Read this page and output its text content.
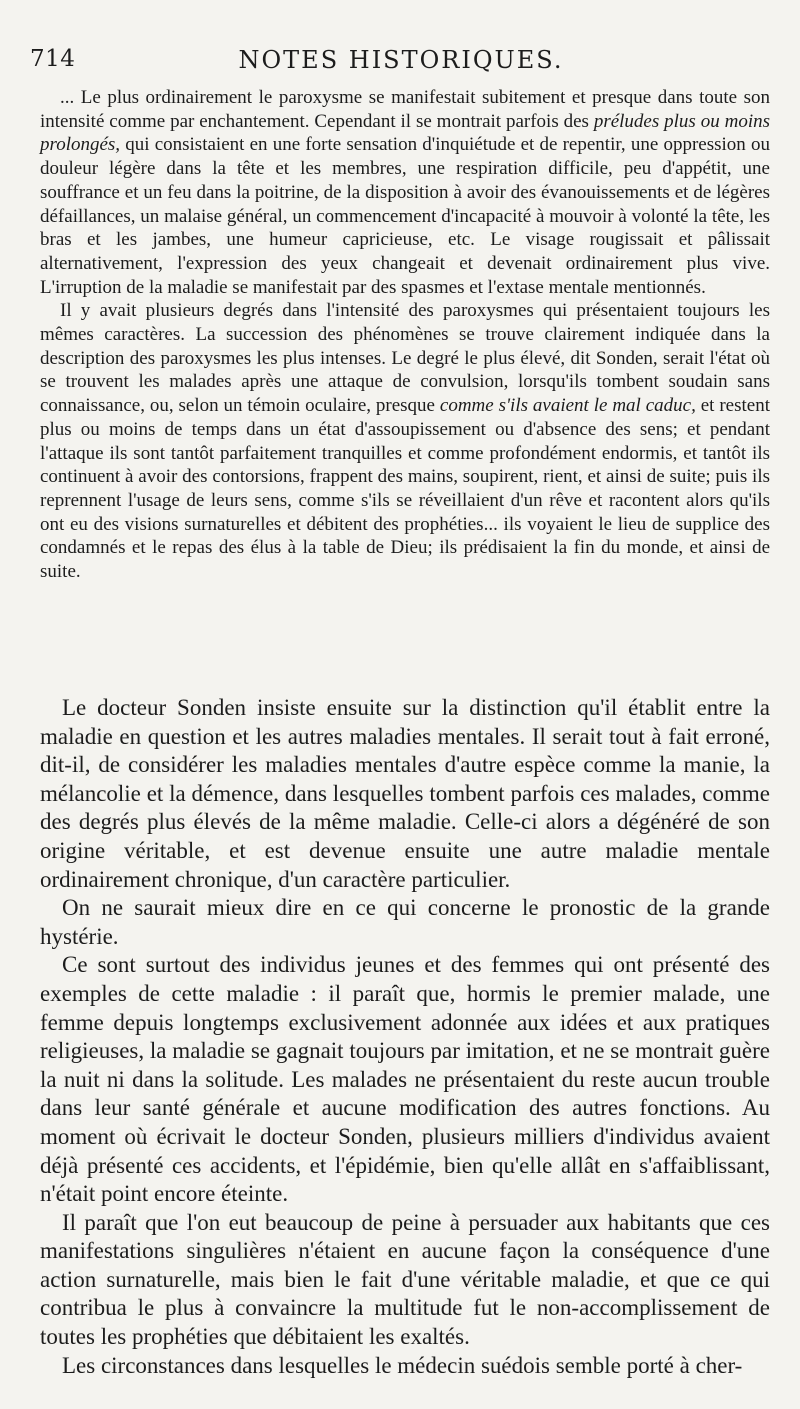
714	NOTES HISTORIQUES.

... Le plus ordinairement le paroxysme se manifestait subitement et presque dans toute son intensité comme par enchantement. Cependant il se montrait parfois des préludes plus ou moins prolongés, qui consistaient en une forte sensation d'inquiétude et de repentir, une oppression ou douleur légère dans la tête et les membres, une respiration difficile, peu d'appétit, une souffrance et un feu dans la poitrine, de la disposition à avoir des évanouissements et de légères défaillances, un malaise général, un commencement d'incapacité à mouvoir à volonté la tête, les bras et les jambes, une humeur capricieuse, etc. Le visage rougissait et pâlissait alternativement, l'expression des yeux changeait et devenait ordinairement plus vive. L'irruption de la maladie se manifestait par des spasmes et l'extase mentale mentionnés.

Il y avait plusieurs degrés dans l'intensité des paroxysmes qui présentaient toujours les mêmes caractères. La succession des phénomènes se trouve clairement indiquée dans la description des paroxysmes les plus intenses. Le degré le plus élevé, dit Sonden, serait l'état où se trouvent les malades après une attaque de convulsion, lorsqu'ils tombent soudain sans connaissance, ou, selon un témoin oculaire, presque comme s'ils avaient le mal caduc, et restent plus ou moins de temps dans un état d'assoupissement ou d'absence des sens; et pendant l'attaque ils sont tantôt parfaitement tranquilles et comme profondément endormis, et tantôt ils continuent à avoir des contorsions, frappent des mains, soupirent, rient, et ainsi de suite; puis ils reprennent l'usage de leurs sens, comme s'ils se réveillaient d'un rêve et racontent alors qu'ils ont eu des visions surnaturelles et débitent des prophéties... ils voyaient le lieu de supplice des condamnés et le repas des élus à la table de Dieu; ils prédisaient la fin du monde, et ainsi de suite.

Le docteur Sonden insiste ensuite sur la distinction qu'il établit entre la maladie en question et les autres maladies mentales. Il serait tout à fait erroné, dit-il, de considérer les maladies mentales d'autre espèce comme la manie, la mélancolie et la démence, dans lesquelles tombent parfois ces malades, comme des degrés plus élevés de la même maladie. Celle-ci alors a dégénéré de son origine véritable, et est devenue ensuite une autre maladie mentale ordinairement chronique, d'un caractère particulier.

On ne saurait mieux dire en ce qui concerne le pronostic de la grande hystérie.

Ce sont surtout des individus jeunes et des femmes qui ont présenté des exemples de cette maladie : il paraît que, hormis le premier malade, une femme depuis longtemps exclusivement adonnée aux idées et aux pratiques religieuses, la maladie se gagnait toujours par imitation, et ne se montrait guère la nuit ni dans la solitude. Les malades ne présentaient du reste aucun trouble dans leur santé générale et aucune modification des autres fonctions. Au moment où écrivait le docteur Sonden, plusieurs milliers d'individus avaient déjà présenté ces accidents, et l'épidémie, bien qu'elle allât en s'affaiblissant, n'était point encore éteinte.

Il paraît que l'on eut beaucoup de peine à persuader aux habitants que ces manifestations singulières n'étaient en aucune façon la conséquence d'une action surnaturelle, mais bien le fait d'une véritable maladie, et que ce qui contribua le plus à convaincre la multitude fut le non-accomplissement de toutes les prophéties que débitaient les exaltés.

Les circonstances dans lesquelles le médecin suédois semble porté à cher-
